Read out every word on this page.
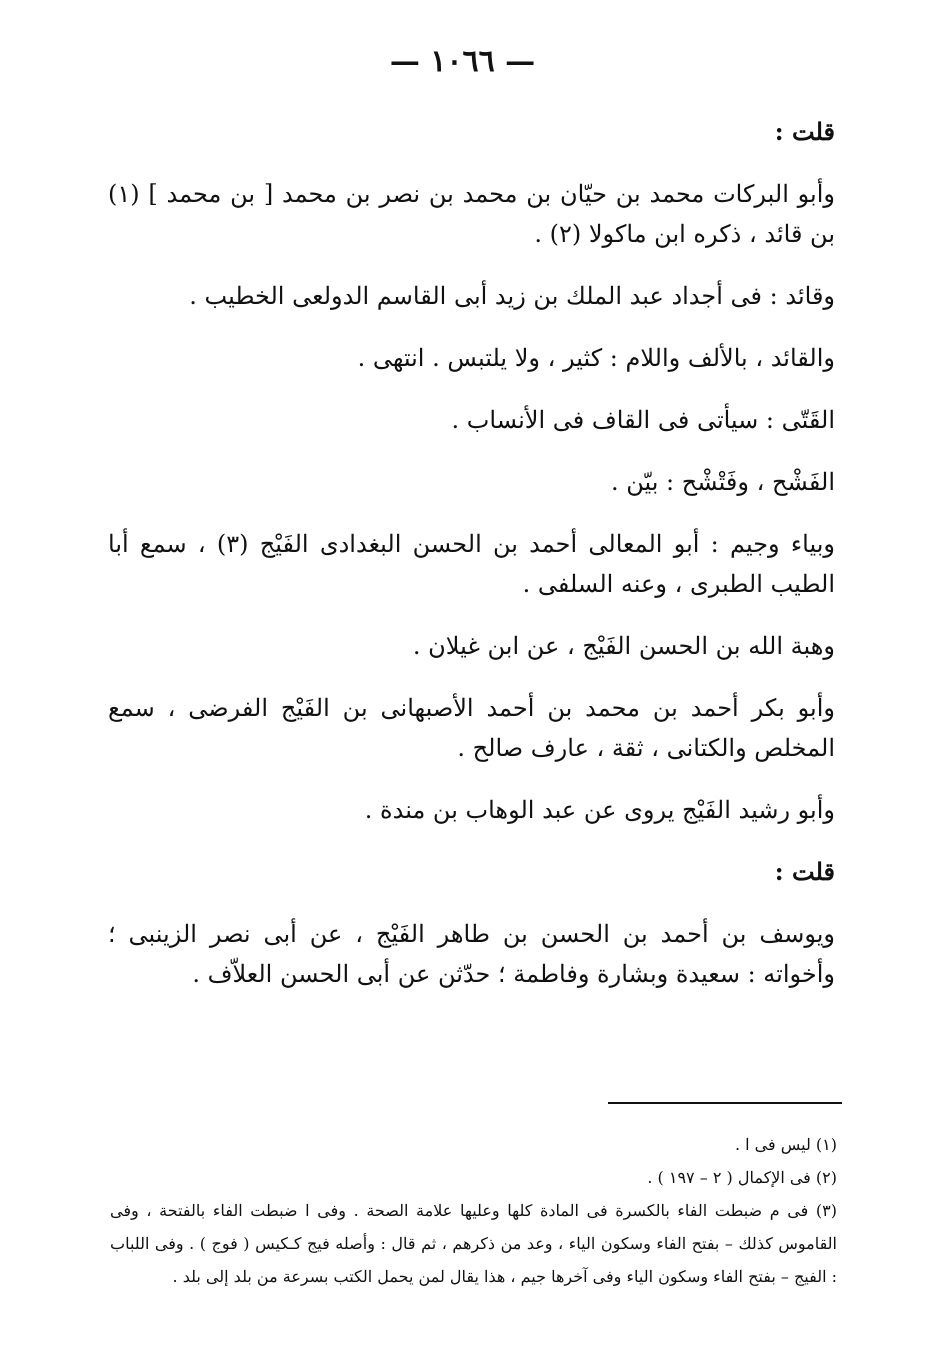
— ١٠٦٦ —

قلت :

وأبو البركات محمد بن حيّان بن محمد بن نصر بن محمد [ بن محمد ] (١) بن قائد ، ذكره ابن ماكولا (٢) .

وقائد : فى أجداد عبد الملك بن زيد أبى القاسم الدولعى الخطيب .

والقائد ، بالألف واللام : كثير ، ولا يلتبس . انتهى .

القَتّى : سيأتى فى القاف فى الأنساب .

الفَشْح ، وفَتْشْح : بيّن .

وبياء وجيم : أبو المعالى أحمد بن الحسن البغدادى الفَيْج (٣) ، سمع أبا الطيب الطبرى ، وعنه السلفى .

وهبة الله بن الحسن الفَيْج ، عن ابن غيلان .

وأبو بكر أحمد بن محمد بن أحمد الأصبهانى بن الفَيْج الفرضى ، سمع المخلص والكتانى ، ثقة ، عارف صالح .

وأبو رشيد الفَيْج يروى عن عبد الوهاب بن مندة .

قلت :

ويوسف بن أحمد بن الحسن بن طاهر الفَيْج ، عن أبى نصر الزينبى ؛ وأخواته : سعيدة وبشارة وفاطمة ؛ حدّثن عن أبى الحسن العلاّف .

(١) ليس فى ا .

(٢) فى الإكمال ( ٢ – ١٩٧ ) .

(٣) فى م ضبطت الفاء بالكسرة فى المادة كلها وعليها علامة الصحة . وفى ا ضبطت الفاء بالفتحة ، وفى القاموس كذلك – بفتح الفاء وسكون الياء ، وعد من ذكرهم ، ثم قال : وأصله فيج كـكيس ( فوج ) . وفى اللباب : الفيج – بفتح الفاء وسكون الياء وفى آخرها جيم ، هذا يقال لمن يحمل الكتب بسرعة من بلد إلى بلد .
